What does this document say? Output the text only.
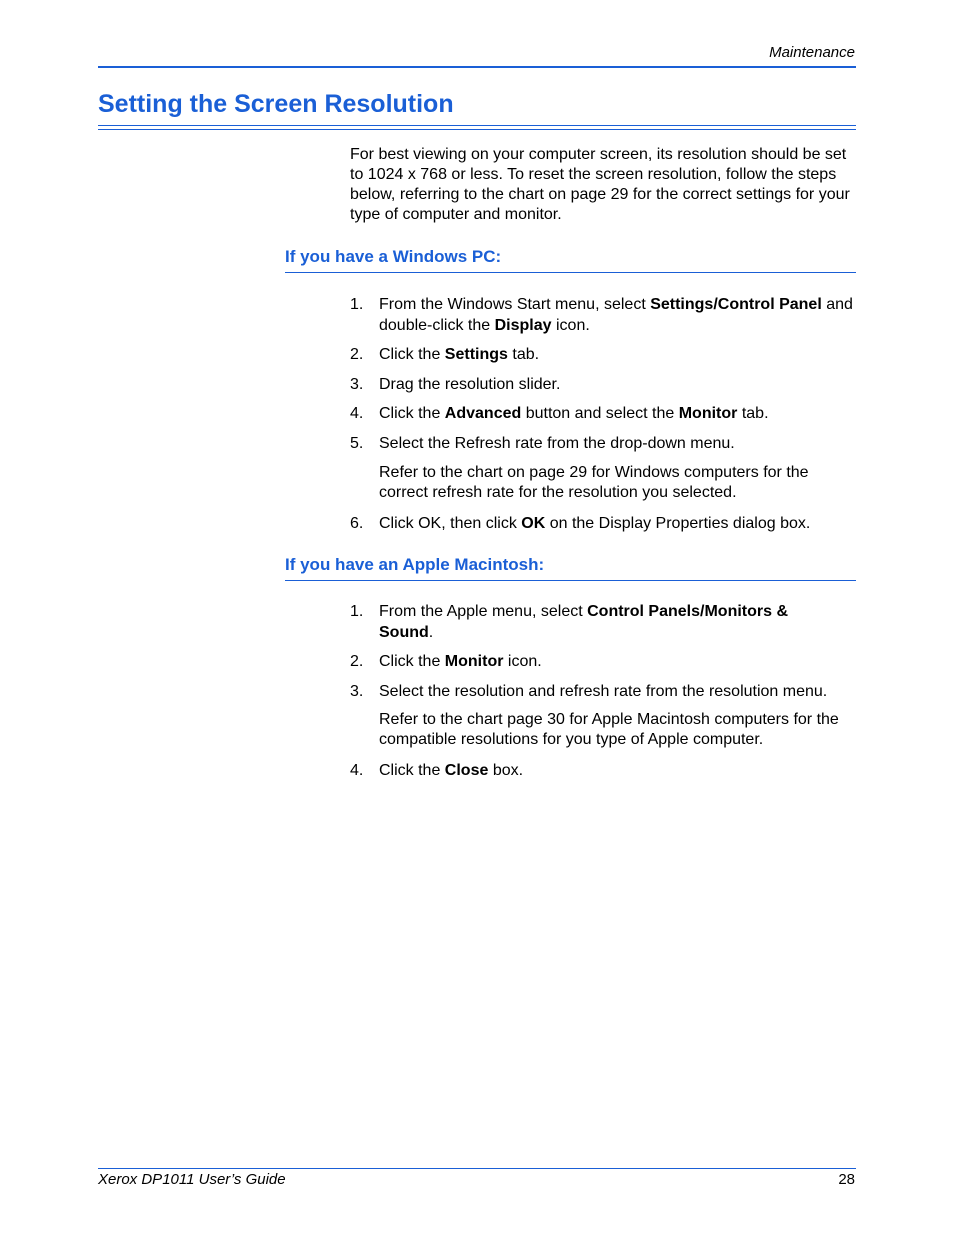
Maintenance
Setting the Screen Resolution

For best viewing on your computer screen, its resolution should be set to 1024 x 768 or less. To reset the screen resolution, follow the steps below, referring to the chart on page 29 for the correct settings for your type of computer and monitor.

If you have a Windows PC:
1. From the Windows Start menu, select Settings/Control Panel and double-click the Display icon.
2. Click the Settings tab.
3. Drag the resolution slider.
4. Click the Advanced button and select the Monitor tab.
5. Select the Refresh rate from the drop-down menu.

Refer to the chart on page 29 for Windows computers for the correct refresh rate for the resolution you selected.

6. Click OK, then click OK on the Display Properties dialog box.
If you have an Apple Macintosh:
1. From the Apple menu, select Control Panels/Monitors & Sound.
2. Click the Monitor icon.
3. Select the resolution and refresh rate from the resolution menu.

Refer to the chart page 30 for Apple Macintosh computers for the compatible resolutions for you type of Apple computer.

4. Click the Close box.
Xerox DP1011 User’s Guide	28
